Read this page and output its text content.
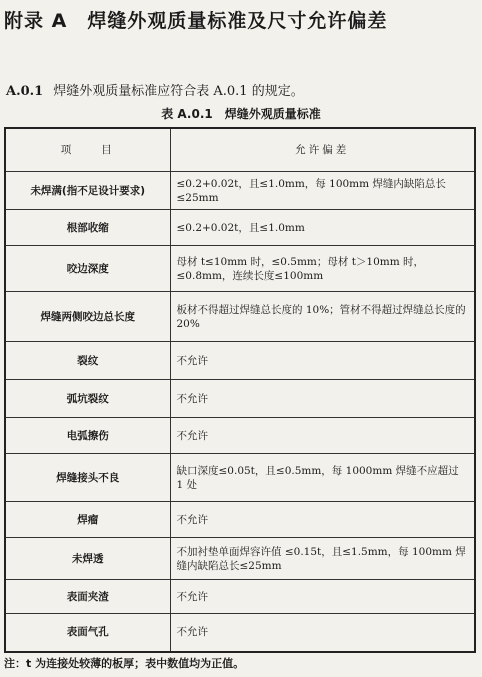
附录 A　焊缝外观质量标准及尺寸允许偏差
A.0.1 焊缝外观质量标准应符合表 A.0.1 的规定。
表 A.0.1　焊缝外观质量标准
项　　目	允许偏差
未焊满(指不足设计要求)	≤0.2+0.02t，且≤1.0mm，每 100mm 焊缝内缺陷总长≤25mm
根部收缩	≤0.2+0.02t，且≤1.0mm
咬边深度	母材 t≤10mm 时，≤0.5mm；母材 t＞10mm 时，≤0.8mm，连续长度≤100mm
焊缝两侧咬边总长度	板材不得超过焊缝总长度的 10%；管材不得超过焊缝总长度的 20%
裂纹	不允许
弧坑裂纹	不允许
电弧擦伤	不允许
焊缝接头不良	缺口深度≤0.05t，且≤0.5mm，每 1000mm 焊缝不应超过 1 处
焊瘤	不允许
未焊透	不加衬垫单面焊容许值 ≤0.15t，且≤1.5mm，每 100mm 焊缝内缺陷总长≤25mm
表面夹渣	不允许
表面气孔	不允许
注：t 为连接处较薄的板厚；表中数值均为正值。
